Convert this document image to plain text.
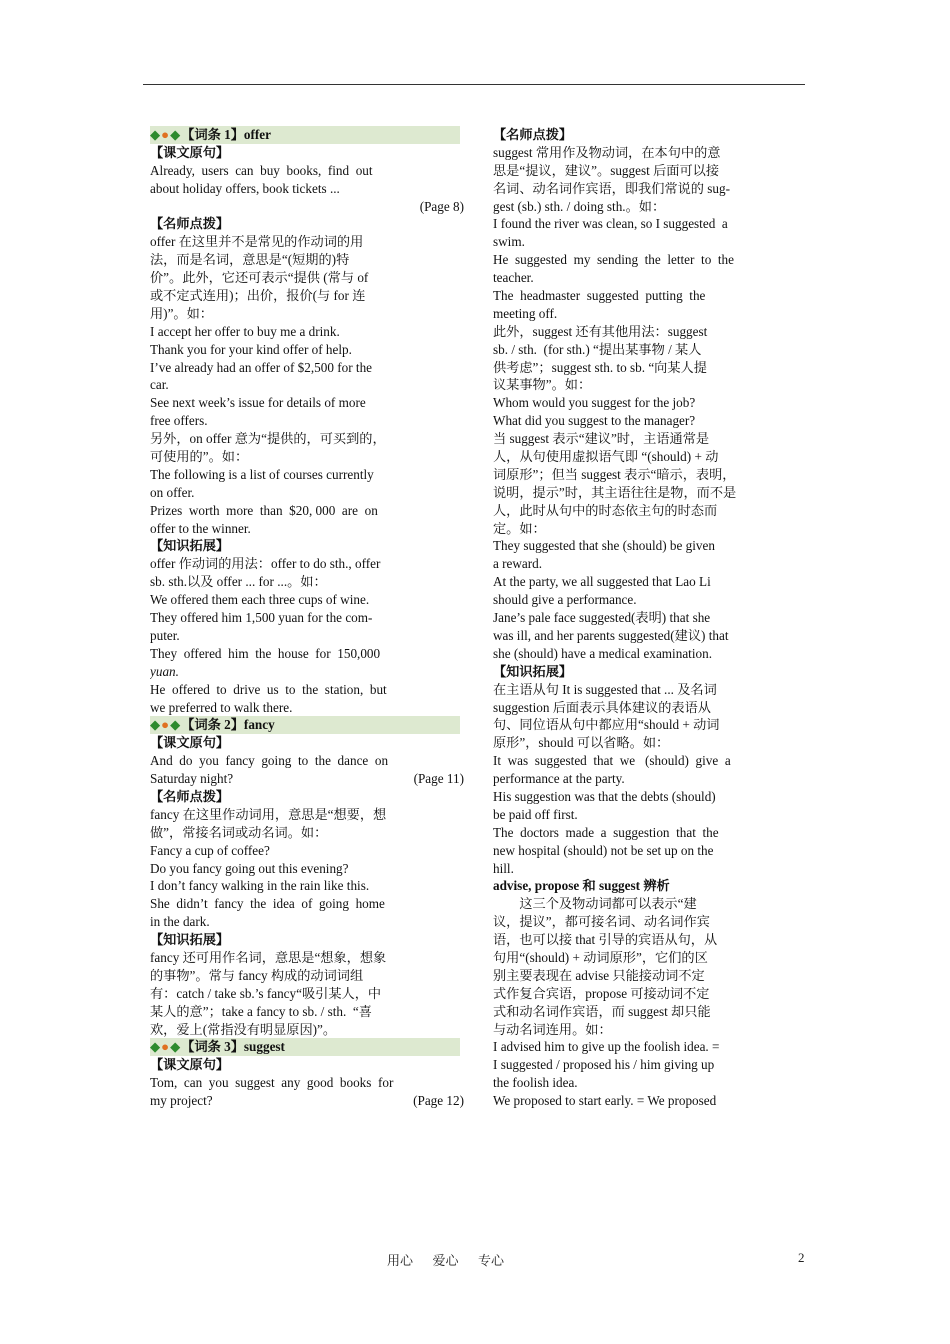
◆●◆【词条 1】offer
【课文原句】
Already,  users  can  buy  books,  find  out
about holiday offers, book tickets ...
(Page 8)
【名师点拨】
offer 在这里并不是常见的作动词的用
法，而是名词，意思是“(短期的)特
价”。此外，它还可表示“提供 (常与 of
或不定式连用)；出价，报价(与 for 连
用)”。如：
I accept her offer to buy me a drink.
Thank you for your kind offer of help.
I’ve already had an offer of $2,500 for the
car.
See next week’s issue for details of more
free offers.
另外，on offer 意为“提供的，可买到的，
可使用的”。如：
The following is a list of courses currently
on offer.
Prizes  worth  more  than  $20, 000  are  on
offer to the winner.
【知识拓展】
offer 作动词的用法：offer to do sth., offer
sb. sth.以及 offer ... for ...。如：
We offered them each three cups of wine.
They offered him 1,500 yuan for the com-
puter.
They  offered  him  the  house  for  150,000
yuan.
He  offered  to  drive  us  to  the  station,  but
we preferred to walk there.
◆●◆【词条 2】fancy
【课文原句】
And  do  you  fancy  going  to  the  dance  on
Saturday night?	(Page 11)
【名师点拨】
fancy 在这里作动词用，意思是“想要，想
做”，常接名词或动名词。如：
Fancy a cup of coffee?
Do you fancy going out this evening?
I don’t fancy walking in the rain like this.
She  didn’t  fancy  the  idea  of  going  home
in the dark.
【知识拓展】
fancy 还可用作名词，意思是“想象，想象
的事物”。常与 fancy 构成的动词词组
有：catch / take sb.’s fancy“吸引某人，中
某人的意”；take a fancy to sb. / sth.  “喜
欢，爱上(常指没有明显原因)”。
◆●◆【词条 3】suggest
【课文原句】
Tom,  can  you  suggest  any  good  books  for
my project?	(Page 12)
【名师点拨】
suggest 常用作及物动词，在本句中的意
思是“提议，建议”。suggest 后面可以接
名词、动名词作宾语，即我们常说的 sug-
gest (sb.) sth. / doing sth.。如：
I found the river was clean, so I suggested  a
swim.
He  suggested  my  sending  the  letter  to  the
teacher.
The  headmaster  suggested  putting  the
meeting off.
此外，suggest 还有其他用法：suggest
sb. / sth.  (for sth.) “提出某事物 / 某人
供考虑”；suggest sth. to sb. “向某人提
议某事物”。如：
Whom would you suggest for the job?
What did you suggest to the manager?
当 suggest 表示“建议”时，主语通常是
人，从句使用虚拟语气即 “(should) + 动
词原形”；但当 suggest 表示“暗示，表明，
说明，提示”时，其主语往往是物，而不是
人，此时从句中的时态依主句的时态而
定。如：
They suggested that she (should) be given
a reward.
At the party, we all suggested that Lao Li
should give a performance.
Jane’s pale face suggested(表明) that she
was ill, and her parents suggested(建议) that
she (should) have a medical examination.
【知识拓展】
在主语从句 It is suggested that ... 及名词
suggestion 后面表示具体建议的表语从
句、同位语从句中都应用“should + 动词
原形”，should 可以省略。如：
It  was  suggested  that  we   (should)  give  a
performance at the party.
His suggestion was that the debts (should)
be paid off first.
The  doctors  made  a  suggestion  that  the
new hospital (should) not be set up on the
hill.
advise, propose 和 suggest 辨析
这三个及物动词都可以表示“建
议，提议”，都可接名词、动名词作宾
语，也可以接 that 引导的宾语从句，从
句用“(should) + 动词原形”，它们的区
别主要表现在 advise 只能接动词不定
式作复合宾语，propose 可接动词不定
式和动名词作宾语，而 suggest 却只能
与动名词连用。如：
I advised him to give up the foolish idea. =
I suggested / proposed his / him giving up
the foolish idea.
We proposed to start early. = We proposed
用心      爱心      专心	2
